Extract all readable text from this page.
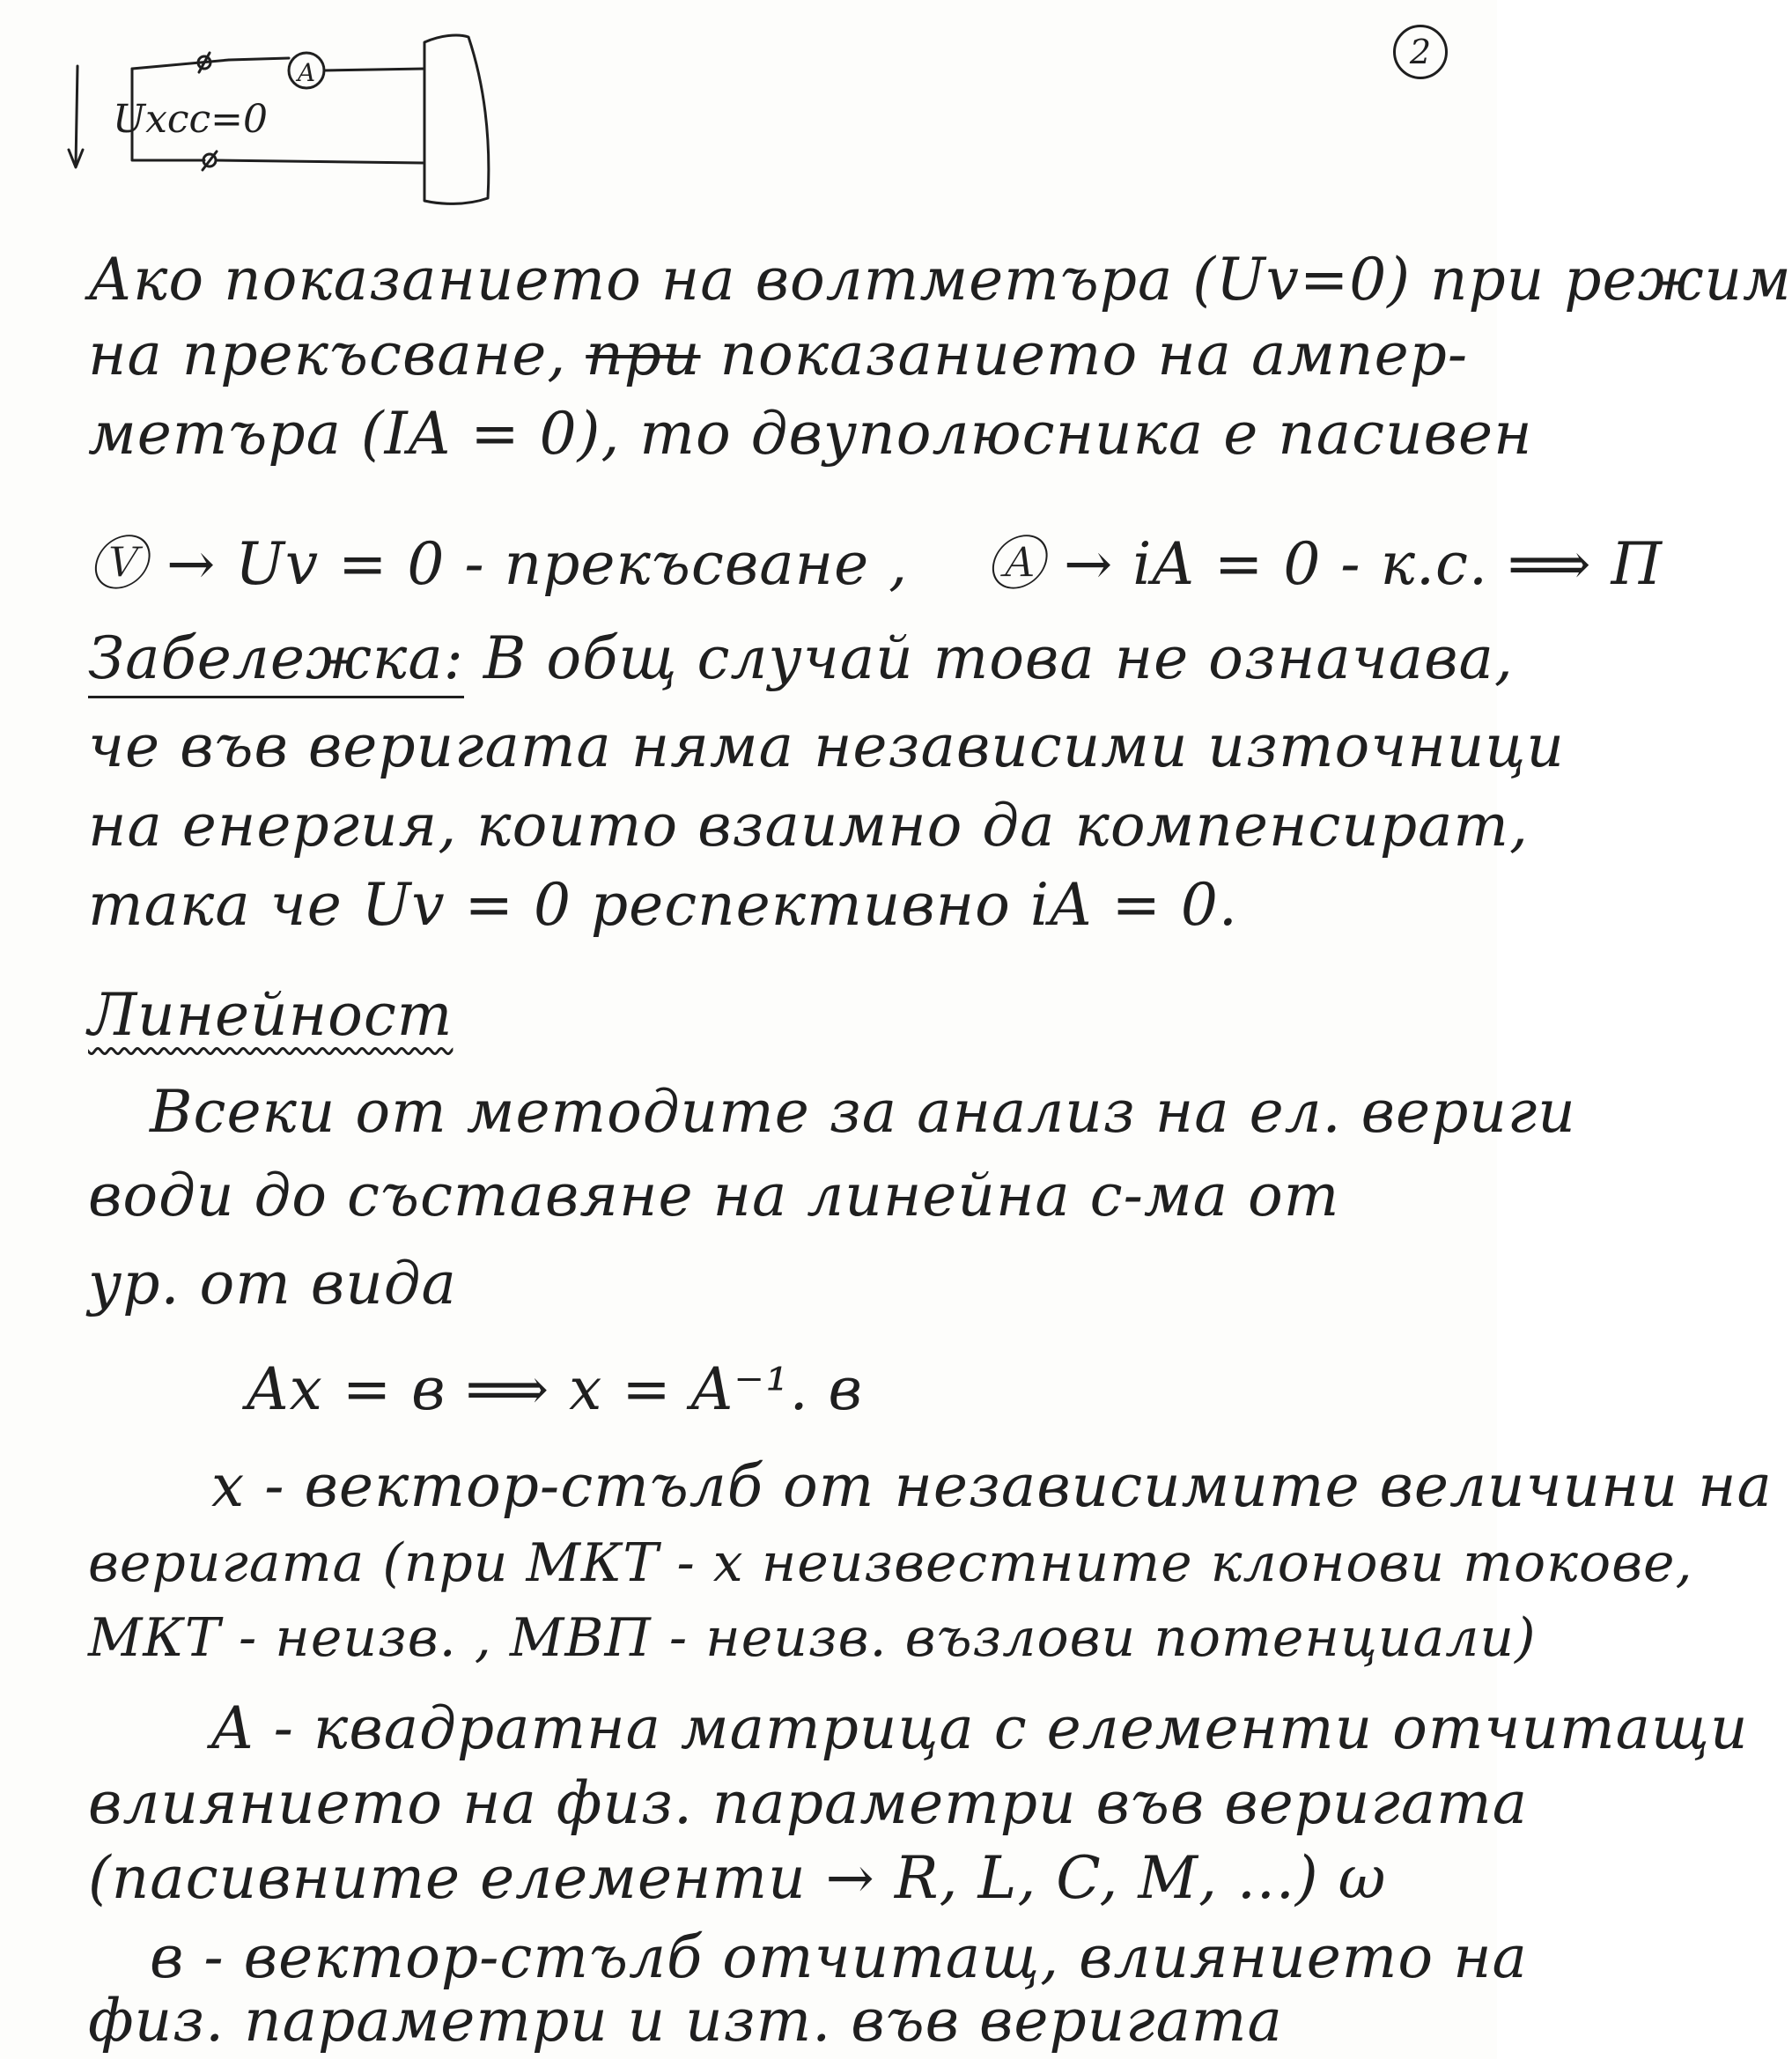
2
A
Uхсс=0
Ако показанието на волтметъра (Uv=0) при режим
на прекъсване, при показанието на ампер-
метъра (IA = 0), то двуполюсника е пасивен
Ⓥ → Uv = 0 - прекъсване , Ⓐ → iA = 0 - к.с. ⟹ П
Забележка: В общ случай това не означава,
че във веригата няма независими източници
на енергия, които взаимно да компенсират,
така че Uv = 0 респективно iA = 0.
Линейност
Всеки от методите за анализ на ел. вериги
води до съставяне на линейна с-ма от
ур. от вида
Ax = в ⟹ x = A⁻¹. в
x - вектор-стълб от независимите величини на
веригата (при МКТ - x неизвестните клонови токове,
МКТ - неизв. , МВП - неизв. възлови потенциали)
A - квадратна матрица с елементи отчитащи
влиянието на физ. параметри във веригата
(пасивните елементи → R, L, C, M, ...) ω
в - вектор-стълб отчитащ, влиянието на
физ. параметри и изт. във веригата
